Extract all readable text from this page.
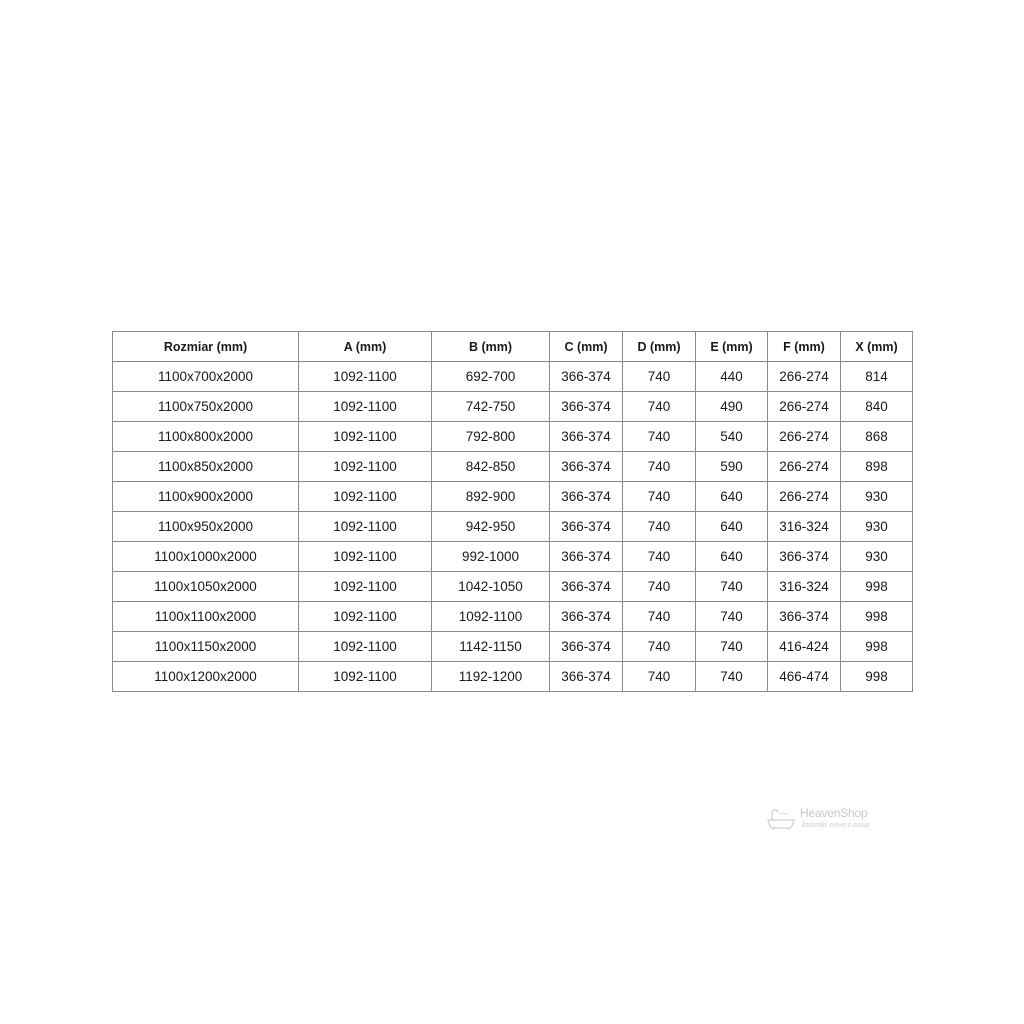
Rozmiar (mm)	A (mm)	B (mm)	C (mm)	D (mm)	E (mm)	F (mm)	X (mm)
1100x700x2000	1092-1100	692-700	366-374	740	440	266-274	814
1100x750x2000	1092-1100	742-750	366-374	740	490	266-274	840
1100x800x2000	1092-1100	792-800	366-374	740	540	266-274	868
1100x850x2000	1092-1100	842-850	366-374	740	590	266-274	898
1100x900x2000	1092-1100	892-900	366-374	740	640	266-274	930
1100x950x2000	1092-1100	942-950	366-374	740	640	316-324	930
1100x1000x2000	1092-1100	992-1000	366-374	740	640	366-374	930
1100x1050x2000	1092-1100	1042-1050	366-374	740	740	316-324	998
1100x1100x2000	1092-1100	1092-1100	366-374	740	740	366-374	998
1100x1150x2000	1092-1100	1142-1150	366-374	740	740	416-424	998
1100x1200x2000	1092-1100	1192-1200	366-374	740	740	466-474	998
HeavenShop
łazienki nowe z natur
